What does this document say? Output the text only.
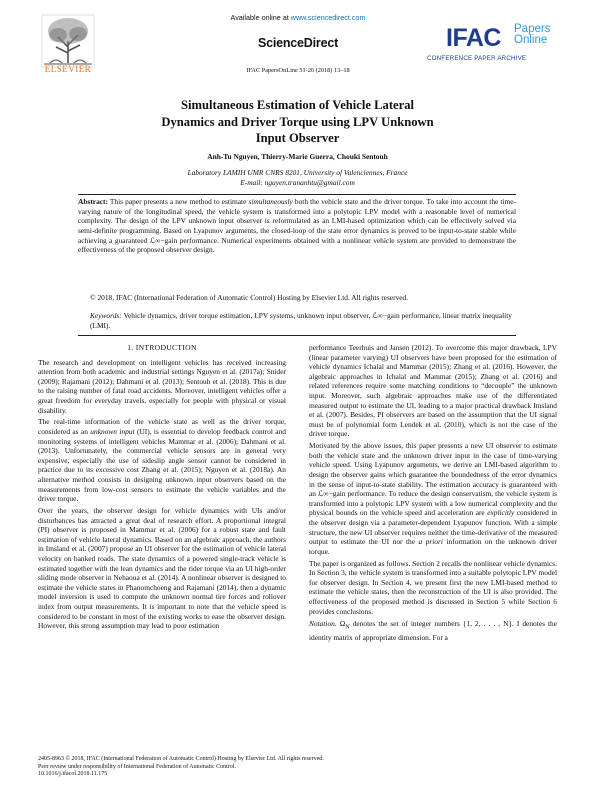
Available online at www.sciencedirect.com
ScienceDirect
IFAC PapersOnLine 51-26 (2018) 13–18
ELSEVIER
IFAC Papers
Online
CONFERENCE PAPER ARCHIVE
Simultaneous Estimation of Vehicle Lateral
Dynamics and Driver Torque using LPV Unknown
Input Observer
Anh-Tu Nguyen, Thierry-Marie Guerra, Chouki Sentouh
Laboratory LAMIH UMR CNRS 8201, University of Valenciennes, France
E-mail: nguyen.trananhtu@gmail.com
Abstract: This paper presents a new method to estimate simultaneously both the vehicle state and the driver torque. To take into account the time-varying nature of the longitudinal speed, the vehicle system is transformed into a polytopic LPV model with a reasonable level of numerical complexity. The design of the LPV unknown input observer is reformulated as an LMI-based optimization which can be effectively solved via semi-definite programming. Based on Lyapunov arguments, the closed-loop of the state error dynamics is proved to be input-to-state stable while achieving a guaranteed ℒ∞−gain performance. Numerical experiments obtained with a nonlinear vehicle system are provided to demonstrate the effectiveness of the proposed observer design.
© 2018, IFAC (International Federation of Automatic Control) Hosting by Elsevier Ltd. All rights reserved.
Keywords: Vehicle dynamics, driver torque estimation, LPV systems, unknown input observer, ℒ∞−gain performance, linear matrix inequality (LMI).
1. INTRODUCTION

The research and development on intelligent vehicles has received increasing attention from both academic and industrial settings Nguyen et al. (2017a); Snider (2009); Rajamani (2012); Dahmani et al. (2013); Sentouh et al. (2018). This is due to the raising number of fatal road accidents. Moreover, intelligent vehicles offer a great freedom for everyday travels, especially for people with physical or visual disability.

The real-time information of the vehicle state as well as the driver torque, considered as an unknown input (UI), is essential to develop feedback control and monitoring systems of intelligent vehicles Mammar et al. (2006); Dahmani et al. (2013). Unfortunately, the commercial vehicle sensors are in general very expensive, especially the use of sideslip angle sensor cannot be considered in practice due to its excessive cost Zhang et al. (2015); Nguyen et al. (2018a). An alternative method consists in designing unknown input observers based on the measurements from low-cost sensors to estimate the vehicle variables and the driver torque.

Over the years, the observer design for vehicle dynamics with UIs and/or disturbances has attracted a great deal of research effort. A proportional integral (PI) observer is proposed in Mammar et al. (2006) for a robust state and fault estimation of vehicle lateral dynamics. Based on an algebraic approach, the authors in Imsland et al. (2007) propose an UI observer for the estimation of vehicle lateral velocity on banked roads. The state dynamics of a powered single-track vehicle is estimated together with the lean dynamics and the rider torque via an UI high-order sliding mode observer in Nehaoua et al. (2014). A nonlinear observer is designed to estimate the vehicle states in Phanomchoeng and Rajamani (2014), then a dynamic model inversion is used to compute the unknown normal tire forces and rollover index from output measurements. It is important to note that the vehicle speed is considered to be constant in most of the existing works to ease the observer design. However, this strong assumption may lead to poor estimation

performance Teerhuis and Jansen (2012). To overcome this major drawback, LPV (linear parameter varying) UI observers have been proposed for the estimation of vehicle dynamics Ichalal and Mammar (2015); Zhang et al. (2016). However, the algebraic approaches in Ichalal and Mammar (2015); Zhang et al. (2016) and related references require some matching conditions to “decouple” the unknown input. Moreover, such algebraic approaches make use of the differentiated measured output to estimate the UI, leading to a major practical drawback Imsland et al. (2007). Besides, PI observers are based on the assumption that the UI signal must be of polynomial form Lendek et al. (2010), which is not the case of the driver torque.

Motivated by the above issues, this paper presents a new UI observer to estimate both the vehicle state and the unknown driver input in the case of time-varying vehicle speed. Using Lyapunov arguments, we derive an LMI-based algorithm to design the observer gains which guarantee the boundedness of the error dynamics in the sense of input-to-state stability. The estimation accuracy is guaranteed with an ℒ∞−gain performance. To reduce the design conservatism, the vehicle system is transformed into a polytopic LPV system with a low numerical complexity and the physical bounds on the vehicle speed and acceleration are explicitly considered in the observer design via a parameter-dependent Lyapunov function. With a simple structure, the new UI observer requires neither the time-derivative of the measured output to estimate the UI nor the a priori information on the unknown driver torque.

The paper is organized as follows. Section 2 recalls the nonlinear vehicle dynamics. In Section 3, the vehicle system is transformed into a suitable polytopic LPV model for observer design. In Section 4, we present first the new LMI-based method to estimate the vehicle states, then the reconstruction of the UI is also provided. The effectiveness of the proposed method is discussed in Section 5 while Section 6 provides conclusions.

Notation. $\Omega_N$ denotes the set of integer numbers {1, 2, . . . , N}. I denotes the identity matrix of appropriate dimension. For a

2405-8963 © 2018, IFAC (International Federation of Automatic Control) Hosting by Elsevier Ltd. All rights reserved.
Peer review under responsibility of International Federation of Automatic Control.
10.1016/j.ifacol.2018.11.175
